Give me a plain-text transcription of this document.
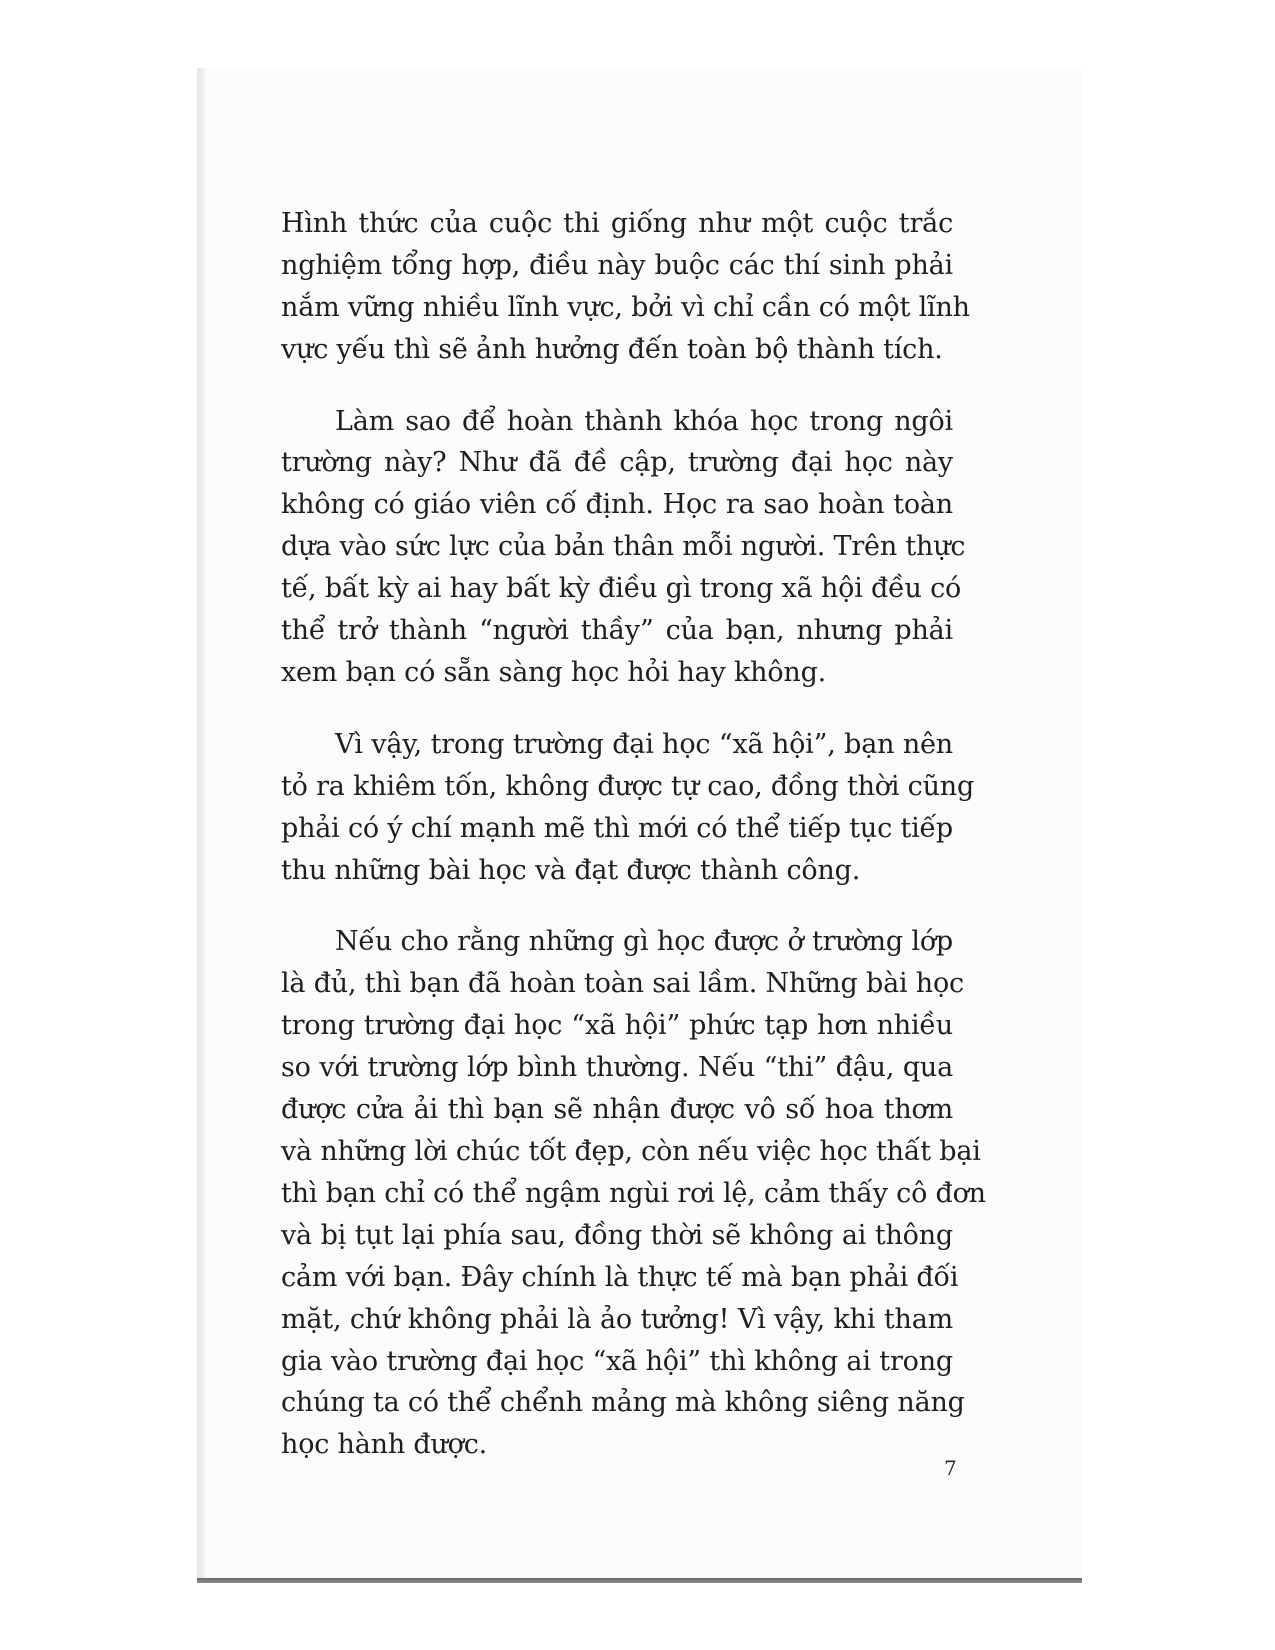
Hình thức của cuộc thi giống như một cuộc trắc
nghiệm tổng hợp, điều này buộc các thí sinh phải
nắm vững nhiều lĩnh vực, bởi vì chỉ cần có một lĩnh
vực yếu thì sẽ ảnh hưởng đến toàn bộ thành tích.
Làm sao để hoàn thành khóa học trong ngôi
trường này? Như đã đề cập, trường đại học này
không có giáo viên cố định. Học ra sao hoàn toàn
dựa vào sức lực của bản thân mỗi người. Trên thực
tế, bất kỳ ai hay bất kỳ điều gì trong xã hội đều có
thể trở thành “người thầy” của bạn, nhưng phải
xem bạn có sẵn sàng học hỏi hay không.
Vì vậy, trong trường đại học “xã hội”, bạn nên
tỏ ra khiêm tốn, không được tự cao, đồng thời cũng
phải có ý chí mạnh mẽ thì mới có thể tiếp tục tiếp
thu những bài học và đạt được thành công.
Nếu cho rằng những gì học được ở trường lớp
là đủ, thì bạn đã hoàn toàn sai lầm. Những bài học
trong trường đại học “xã hội” phức tạp hơn nhiều
so với trường lớp bình thường. Nếu “thi” đậu, qua
được cửa ải thì bạn sẽ nhận được vô số hoa thơm
và những lời chúc tốt đẹp, còn nếu việc học thất bại
thì bạn chỉ có thể ngậm ngùi rơi lệ, cảm thấy cô đơn
và bị tụt lại phía sau, đồng thời sẽ không ai thông
cảm với bạn. Đây chính là thực tế mà bạn phải đối
mặt, chứ không phải là ảo tưởng! Vì vậy, khi tham
gia vào trường đại học “xã hội” thì không ai trong
chúng ta có thể chểnh mảng mà không siêng năng
học hành được.
7
